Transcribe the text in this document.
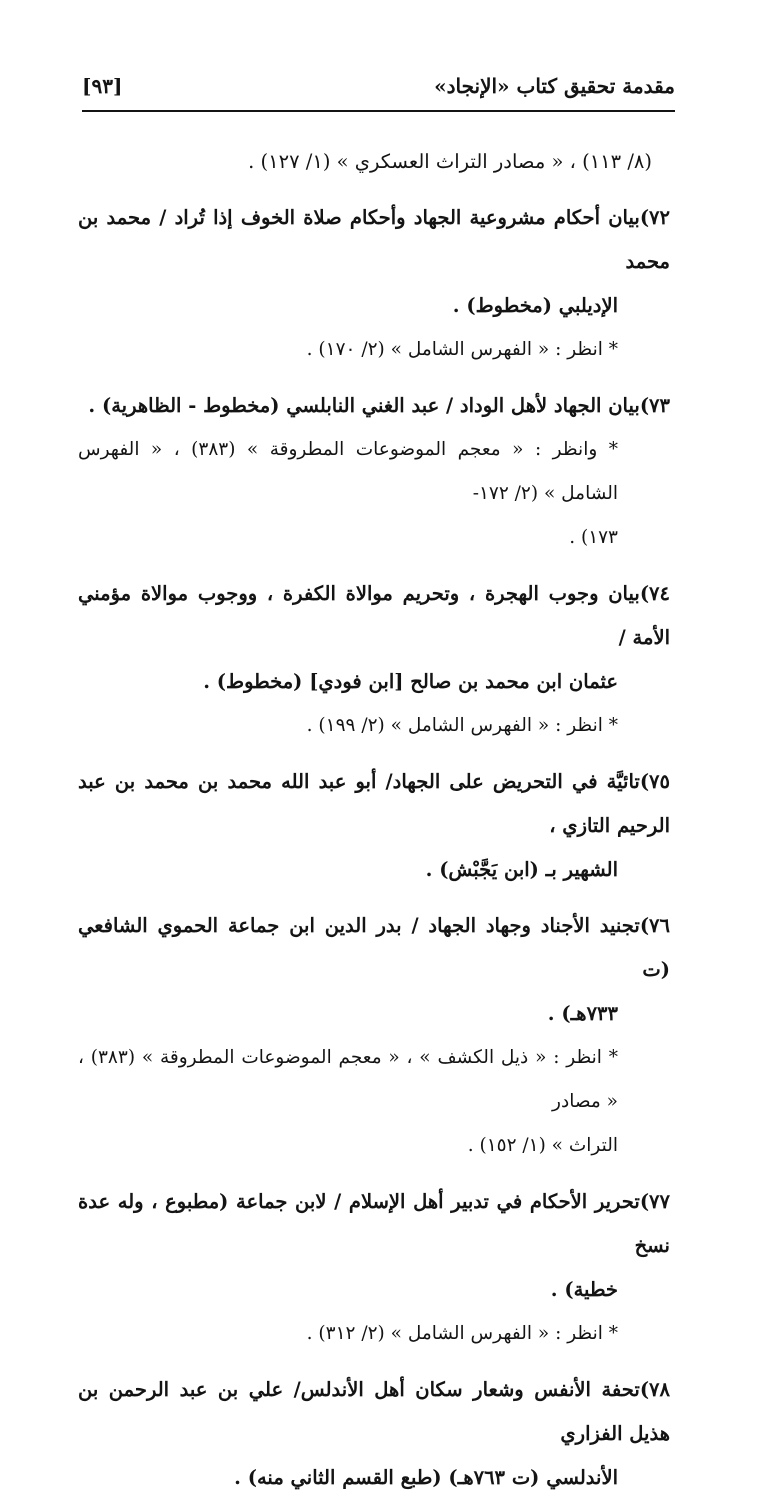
مقدمة تحقيق كتاب «الإنجاد»
[٩٣]

(٨/ ١١٣) ، « مصادر التراث العسكري » (١/ ١٢٧) .

٧٢)بيان أحكام مشروعية الجهاد وأحكام صلاة الخوف إذا تُراد / محمد بن محمد

الإديلبي (مخطوط) .

* انظر : « الفهرس الشامل » (٢/ ١٧٠) .

٧٣)بيان الجهاد لأهل الوداد / عبد الغني النابلسي (مخطوط - الظاهرية) .

* وانظر : « معجم الموضوعات المطروقة » (٣٨٣) ، « الفهرس الشامل » (٢/ ١٧٢-

١٧٣) .

٧٤)بيان وجوب الهجرة ، وتحريم موالاة الكفرة ، ووجوب موالاة مؤمني الأمة /

عثمان ابن محمد بن صالح [ابن فودي] (مخطوط) .

* انظر : « الفهرس الشامل » (٢/ ١٩٩) .

٧٥)تائيَّة في التحريض على الجهاد/ أبو عبد الله محمد بن محمد بن عبد الرحيم التازي ،

الشهير بـ (ابن يَجَّبْش) .

٧٦)تجنيد الأجناد وجهاد الجهاد / بدر الدين ابن جماعة الحموي الشافعي (ت

٧٣٣هـ) .

* انظر : « ذيل الكشف » ، « معجم الموضوعات المطروقة » (٣٨٣) ، « مصادر

التراث » (١/ ١٥٢) .

٧٧)تحرير الأحكام في تدبير أهل الإسلام / لابن جماعة (مطبوع ، وله عدة نسخ

خطية) .

* انظر : « الفهرس الشامل » (٢/ ٣١٢) .

٧٨)تحفة الأنفس وشعار سكان أهل الأندلس/ علي بن عبد الرحمن بن هذيل الفزاري

الأندلسي (ت ٧٦٣هـ) (طبع القسم الثاني منه) .
